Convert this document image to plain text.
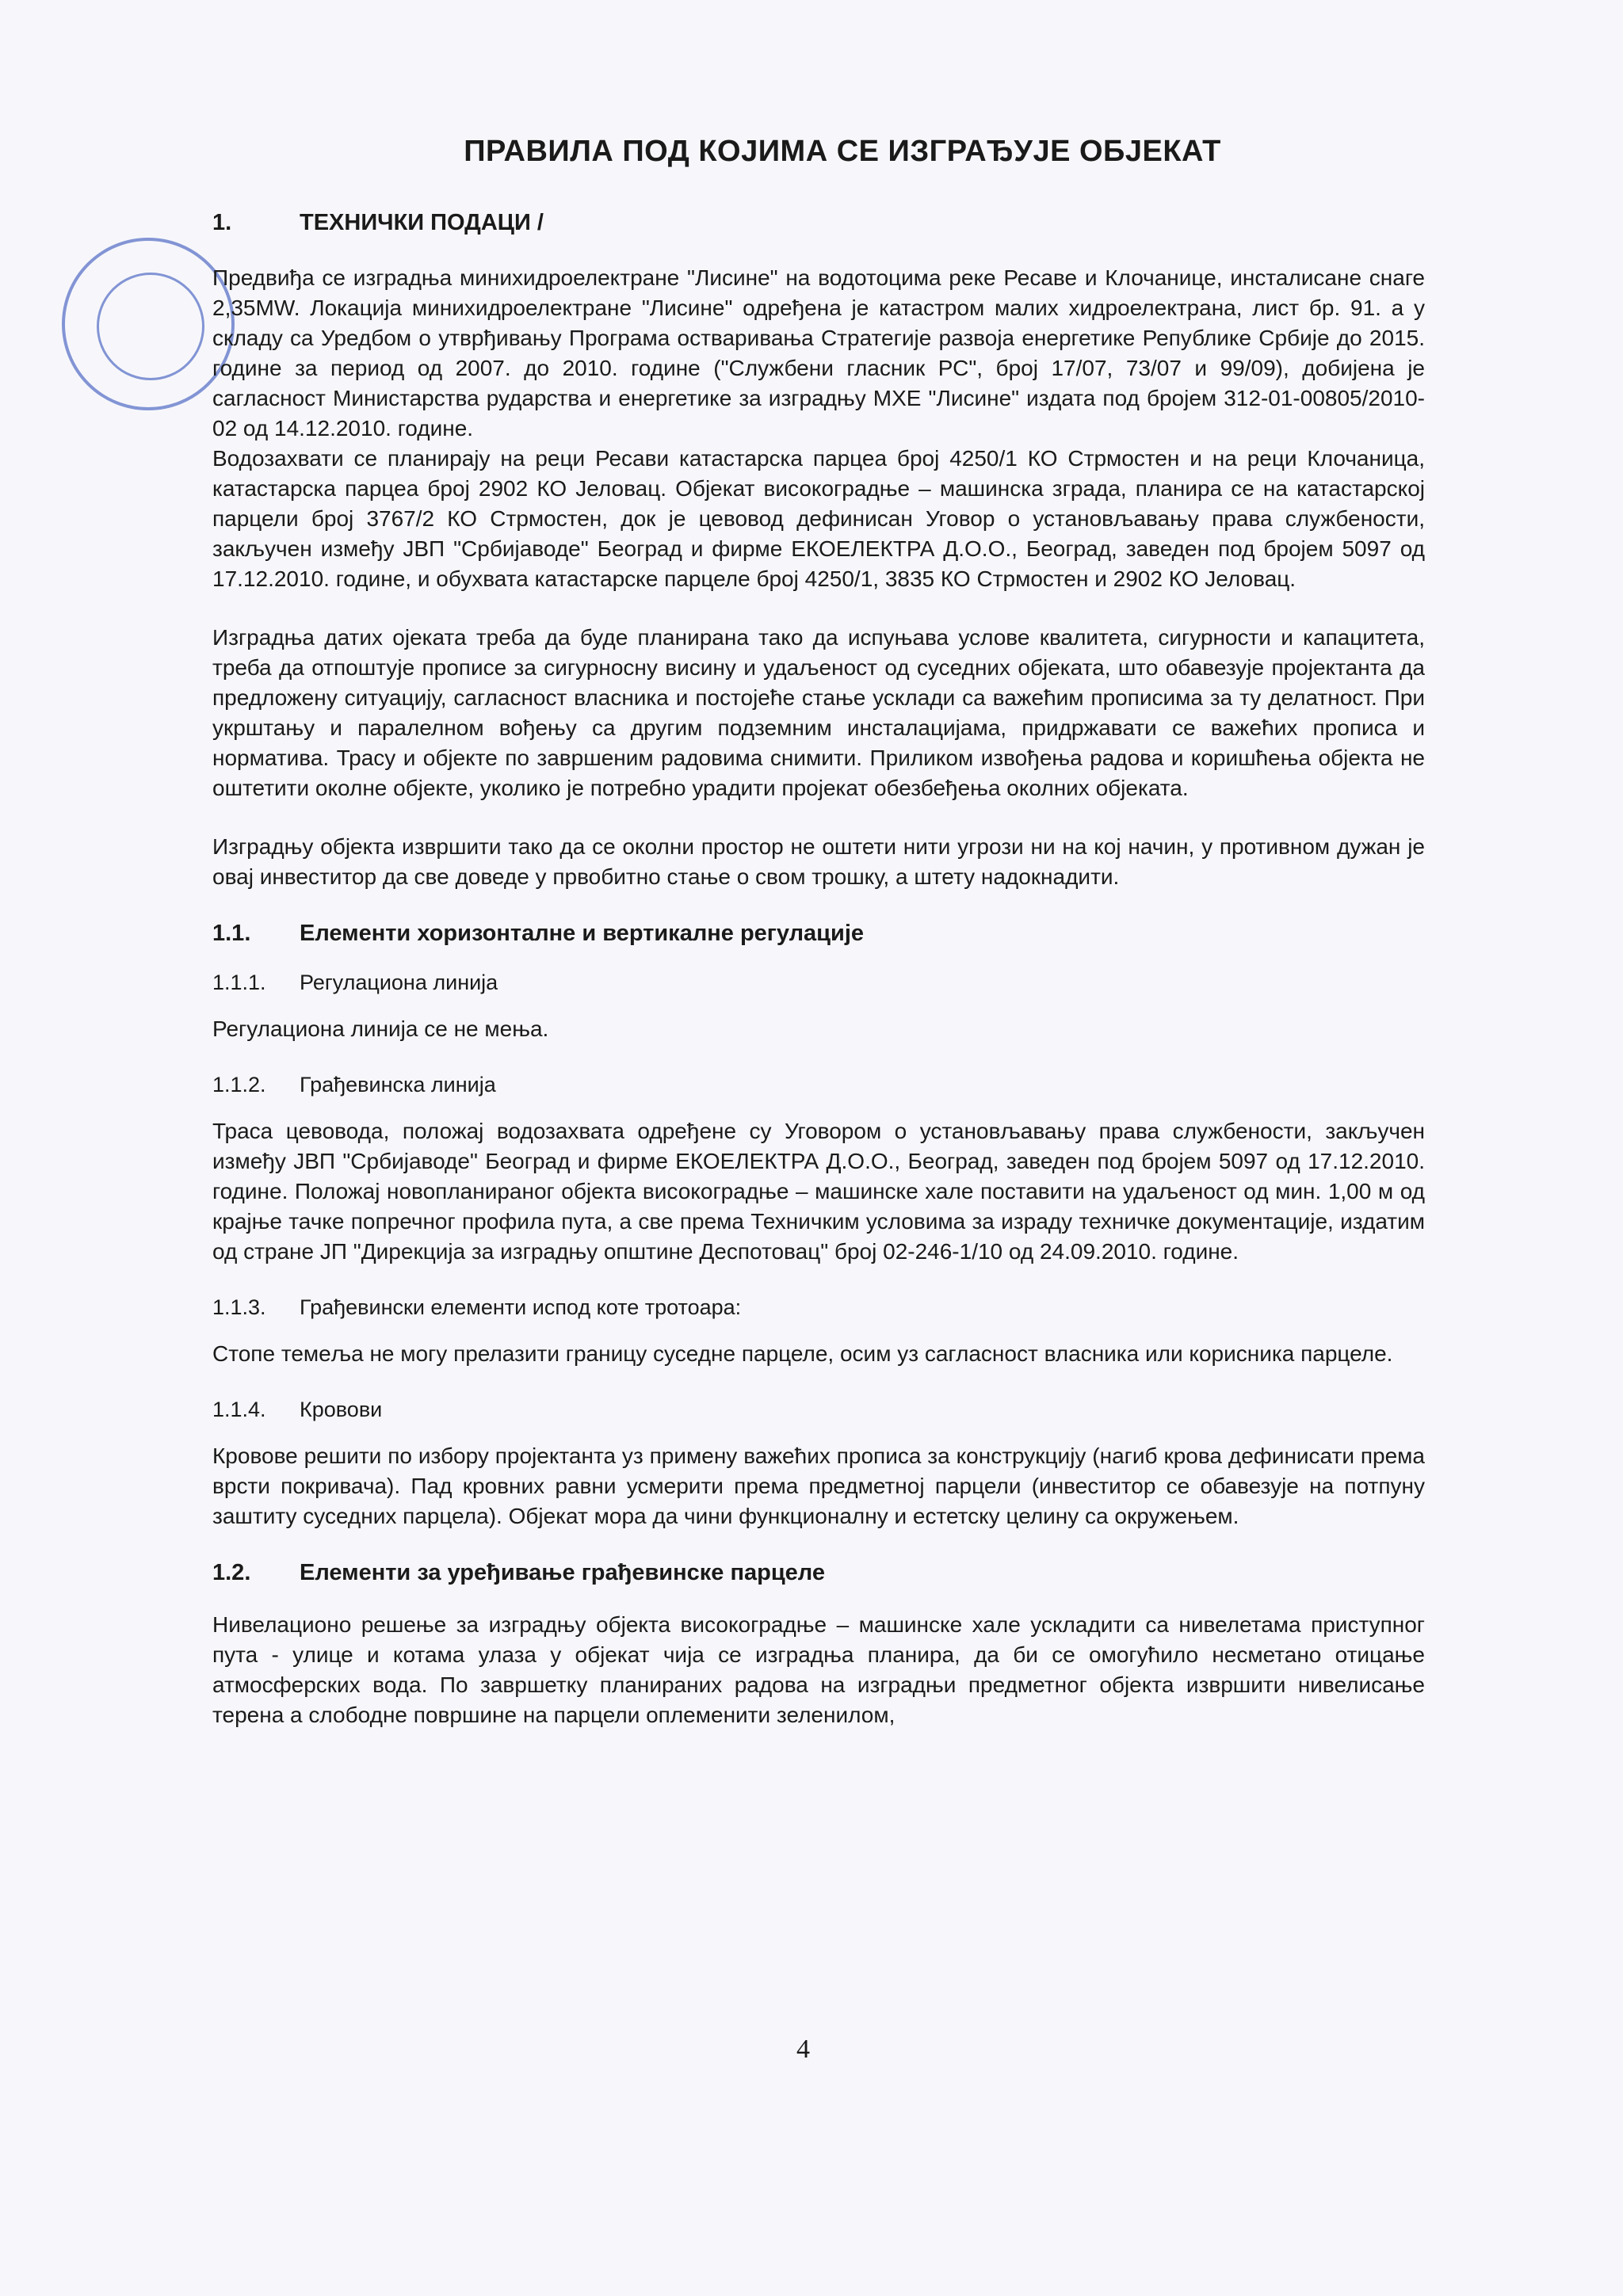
ПРАВИЛА ПОД КОЈИМА СЕ ИЗГРАЂУЈЕ ОБЈЕКАТ
1.	ТЕХНИЧКИ ПОДАЦИ /

Предвиђа се изградња минихидроелектране "Лисине" на водотоцима реке Ресаве и Клочанице, инсталисане снаге 2,35MW. Локација минихидроелектране "Лисине" одређена је катастром малих хидроелектрана, лист бр. 91. а у складу са Уредбом о утврђивању Програма остваривања Стратегије развоја енергетике Републике Србије до 2015. године за период од 2007. до 2010. године ("Службени гласник РС", број 17/07, 73/07 и 99/09), добијена је сагласност Министарства рударства и енергетике за изградњу МХЕ "Лисине" издата под бројем 312-01-00805/2010-02 од 14.12.2010. године.

Водозахвати се планирају на реци Ресави катастарска парцеа број 4250/1 КО Стрмостен и на реци Клочаница, катастарска парцеа број 2902 КО Јеловац. Објекат високоградње – машинска зграда, планира се на катастарској парцели број 3767/2 КО Стрмостен, док је цевовод дефинисан Уговор о установљавању права службености, закључен између ЈВП "Србијаводе" Београд и фирме ЕКОЕЛЕКТРА Д.О.О., Београд, заведен под бројем 5097 од 17.12.2010. године, и обухвата катастарске парцеле број 4250/1, 3835 КО Стрмостен и 2902 КО Јеловац.

Изградња датих ојеката треба да буде планирана тако да испуњава услове квалитета, сигурности и капацитета, треба да отпоштује прописе за сигурносну висину и удаљеност од суседних објеката, што обавезује пројектанта да предложену ситуацију, сагласност власника и постојеће стање ускл​ади са важећим прописима за ту делатност. При укрштању и паралелном вођењу са другим подземним инсталацијама, придржавати се важећих прописа и норматива. Трасу и објекте по завршеним радовима снимити. Приликом извођења радова и коришћења објекта не оштетити околне објекте, уколико је потребно урадити пројекат обезбеђења околних објеката.

Изградњу објекта извршити тако да се околни простор не оштети нити угрози ни на кој начин, у противном дужан је овај инвеститор да све доведе у првобитно стање о свом трошку, а штету надокнадити.

1.1.	Елементи хоризонталне и вертикалне регулације
1.1.1.	Регулациона линија

Регулациона линија се не мења.

1.1.2.	Грађевинска линија

Траса цевовода, положај водозахвата одређене су Уговором о установљавању права службености, закључен између ЈВП "Србијаводе" Београд и фирме ЕКОЕЛЕКТРА Д.О.О., Београд, заведен под бројем 5097 од 17.12.2010. године. Положај новопланираног објекта високоградње – машинске хале поставити на удаљеност од мин. 1,00 м од крајње тачке попречног профила пута, а све према Техничким условима за израду техничке документације, издатим од стране ЈП "Дирекција за изградњу општине Деспотовац" број 02-246-1/10 од 24.09.2010. године.

1.1.3.	Грађевински елементи испод коте тротоара:

Стопе темеља не могу прелазити границу суседне парцеле, осим уз сагласност власника или корисника парцеле.

1.1.4.	Кровови

Кровове решити по избору пројектанта уз примену важећих прописа за конструкцију (нагиб крова дефинисати према врсти покривача). Пад кровних равни усмерити према предметној парцели (инвеститор се обавезује на потпуну заштиту суседних парцела). Објекат мора да чини функционалну и естетску целину са окружењем.

1.2.	Елементи за уређивање грађевинске парцеле

Нивелационо решење за изградњу објекта високоградње – машинске хале ускладити са нивелетама приступног пута - улице и котама улаза у објекат чија се изградња планира, да би се омогућило несметано отицање атмосферских вода. По завршетку планираних радова на изградњи предметног објекта извршити нивелисање терена а слободне површине на парцели оплеменити зеленилом,

4
